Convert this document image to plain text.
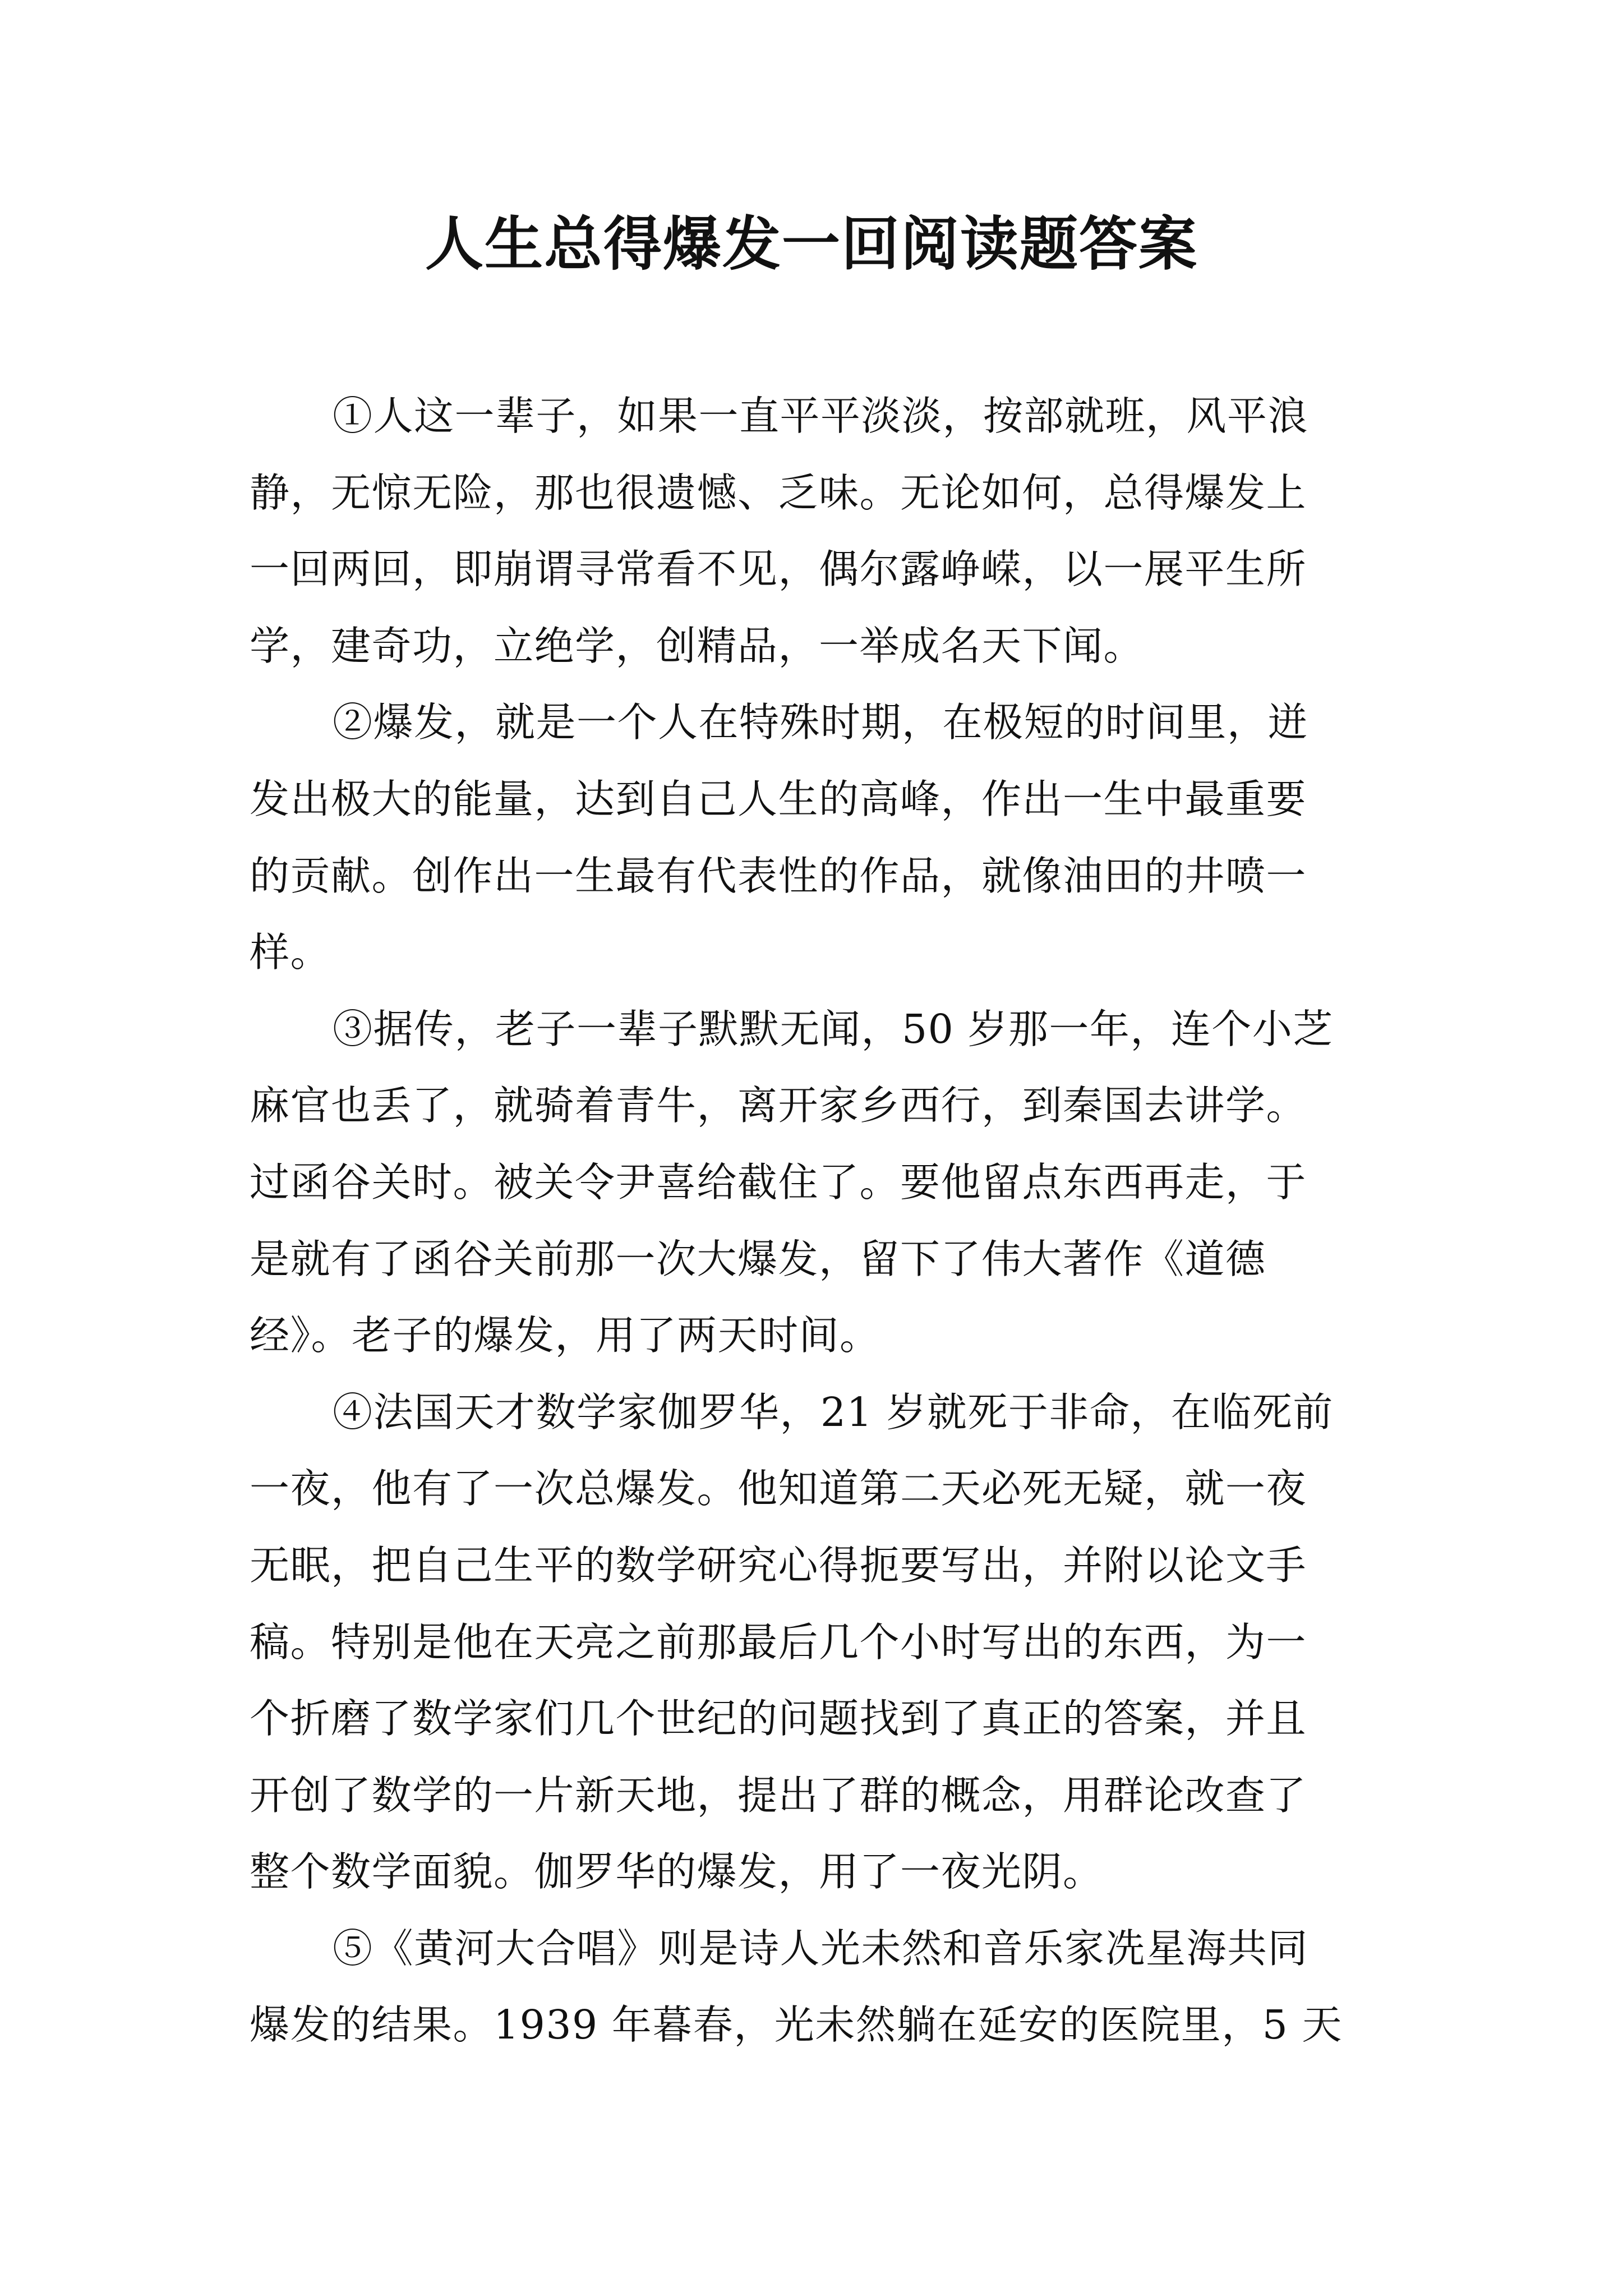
人生总得爆发一回阅读题答案
①人这一辈子，如果一直平平淡淡，按部就班，风平浪
静，无惊无险，那也很遗憾、乏味。无论如何，总得爆发上
一回两回，即崩谓寻常看不见，偶尔露峥嵘，以一展平生所
学，建奇功，立绝学，创精品，一举成名天下闻。
②爆发，就是一个人在特殊时期，在极短的时间里，迸
发出极大的能量，达到自己人生的高峰，作出一生中最重要
的贡献。创作出一生最有代表性的作品，就像油田的井喷一
样。
③据传，老子一辈子默默无闻，50 岁那一年，连个小芝
麻官也丢了，就骑着青牛，离开家乡西行，到秦国去讲学。
过函谷关时。被关令尹喜给截住了。要他留点东西再走，于
是就有了函谷关前那一次大爆发，留下了伟大著作《道德
经》。老子的爆发，用了两天时间。
④法国天才数学家伽罗华，21 岁就死于非命，在临死前
一夜，他有了一次总爆发。他知道第二天必死无疑，就一夜
无眠，把自己生平的数学研究心得扼要写出，并附以论文手
稿。特别是他在天亮之前那最后几个小时写出的东西，为一
个折磨了数学家们几个世纪的问题找到了真正的答案，并且
开创了数学的一片新天地，提出了群的概念，用群论改查了
整个数学面貌。伽罗华的爆发，用了一夜光阴。
⑤《黄河大合唱》则是诗人光未然和音乐家冼星海共同
爆发的结果。1939 年暮春，光未然躺在延安的医院里，5 天
